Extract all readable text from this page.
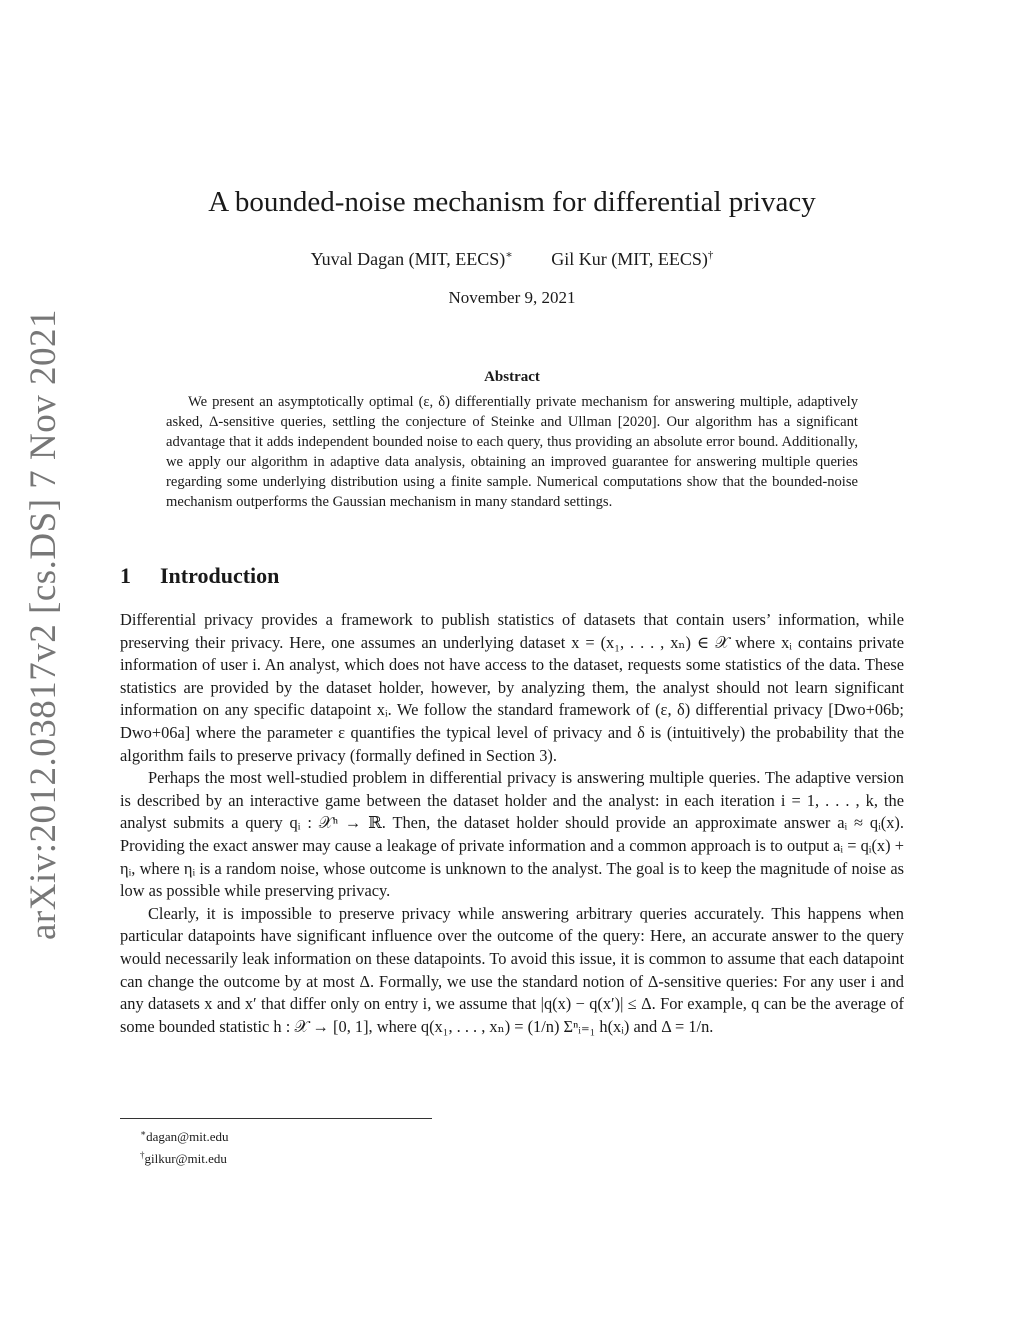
arXiv:2012.03817v2 [cs.DS] 7 Nov 2021
A bounded-noise mechanism for differential privacy
Yuval Dagan (MIT, EECS)∗ Gil Kur (MIT, EECS)†
November 9, 2021
Abstract
We present an asymptotically optimal (ε, δ) differentially private mechanism for answering multiple, adaptively asked, Δ-sensitive queries, settling the conjecture of Steinke and Ullman [2020]. Our algorithm has a significant advantage that it adds independent bounded noise to each query, thus providing an absolute error bound. Additionally, we apply our algorithm in adaptive data analysis, obtaining an improved guarantee for answering multiple queries regarding some underlying distribution using a finite sample. Numerical computations show that the bounded-noise mechanism outperforms the Gaussian mechanism in many standard settings.
1 Introduction

Differential privacy provides a framework to publish statistics of datasets that contain users’ information, while preserving their privacy. Here, one assumes an underlying dataset x = (x₁, . . . , xₙ) ∈ 𝒳 where xᵢ contains private information of user i. An analyst, which does not have access to the dataset, requests some statistics of the data. These statistics are provided by the dataset holder, however, by analyzing them, the analyst should not learn significant information on any specific datapoint xᵢ. We follow the standard framework of (ε, δ) differential privacy [Dwo+06b; Dwo+06a] where the parameter ε quantifies the typical level of privacy and δ is (intuitively) the probability that the algorithm fails to preserve privacy (formally defined in Section 3).

Perhaps the most well-studied problem in differential privacy is answering multiple queries. The adaptive version is described by an interactive game between the dataset holder and the analyst: in each iteration i = 1, . . . , k, the analyst submits a query qᵢ : 𝒳ⁿ → ℝ. Then, the dataset holder should provide an approximate answer aᵢ ≈ qᵢ(x). Providing the exact answer may cause a leakage of private information and a common approach is to output aᵢ = qᵢ(x) + ηᵢ, where ηᵢ is a random noise, whose outcome is unknown to the analyst. The goal is to keep the magnitude of noise as low as possible while preserving privacy.

Clearly, it is impossible to preserve privacy while answering arbitrary queries accurately. This happens when particular datapoints have significant influence over the outcome of the query: Here, an accurate answer to the query would necessarily leak information on these datapoints. To avoid this issue, it is common to assume that each datapoint can change the outcome by at most Δ. Formally, we use the standard notion of Δ-sensitive queries: For any user i and any datasets x and x′ that differ only on entry i, we assume that |q(x) − q(x′)| ≤ Δ. For example, q can be the average of some bounded statistic h : 𝒳 → [0, 1], where q(x₁, . . . , xₙ) = (1/n) Σⁿᵢ₌₁ h(xᵢ) and Δ = 1/n.

∗dagan@mit.edu
†gilkur@mit.edu
